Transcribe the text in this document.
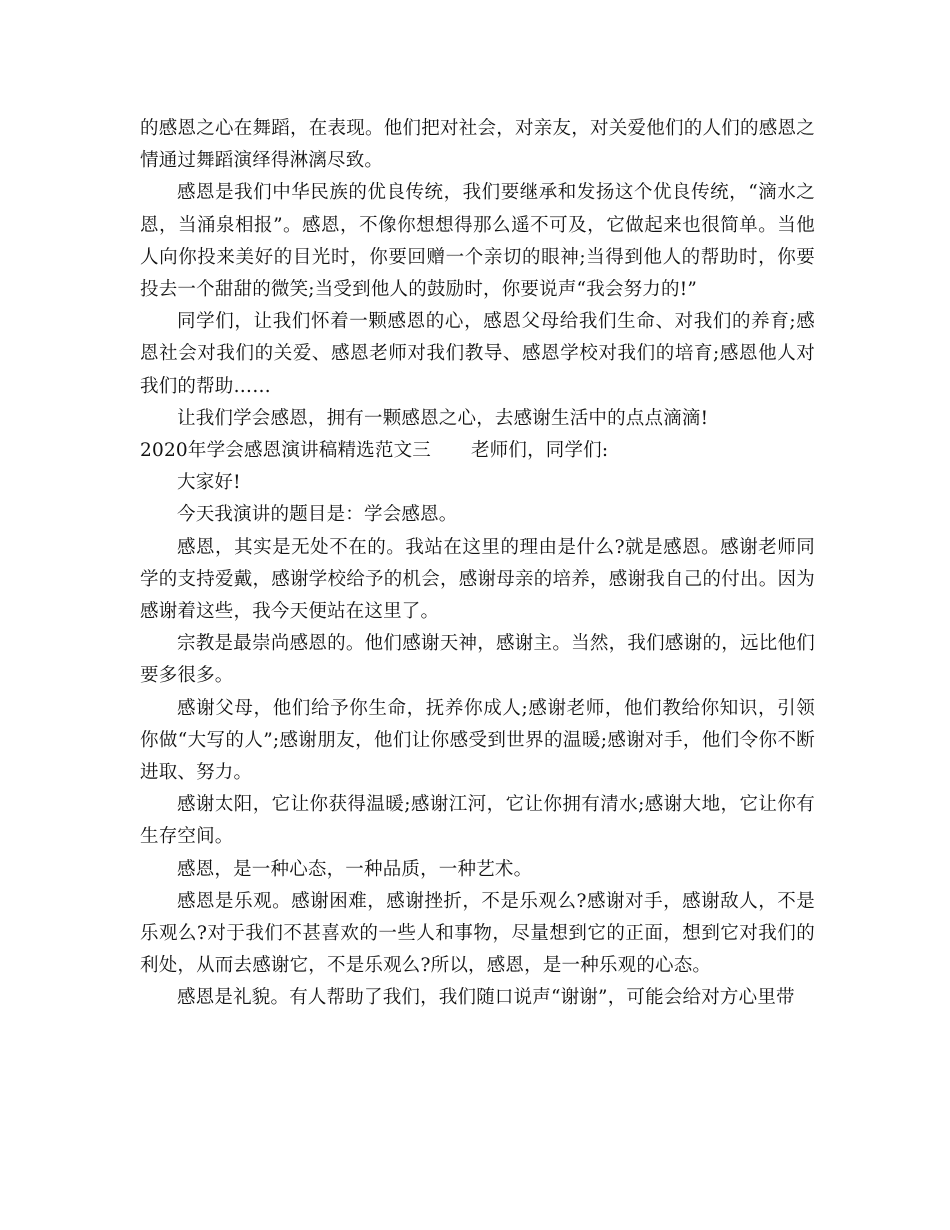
的感恩之心在舞蹈，在表现。他们把对社会，对亲友，对关爱他们的人们的感恩之情通过舞蹈演绎得淋漓尽致。

感恩是我们中华民族的优良传统，我们要继承和发扬这个优良传统，“滴水之恩，当涌泉相报”。感恩，不像你想想得那么遥不可及，它做起来也很简单。当他人向你投来美好的目光时，你要回赠一个亲切的眼神;当得到他人的帮助时，你要投去一个甜甜的微笑;当受到他人的鼓励时，你要说声“我会努力的!”

同学们，让我们怀着一颗感恩的心，感恩父母给我们生命、对我们的养育;感恩社会对我们的关爱、感恩老师对我们教导、感恩学校对我们的培育;感恩他人对我们的帮助……

让我们学会感恩，拥有一颗感恩之心，去感谢生活中的点点滴滴!

2020年学会感恩演讲稿精选范文三 老师们，同学们:

大家好!

今天我演讲的题目是：学会感恩。

感恩，其实是无处不在的。我站在这里的理由是什么?就是感恩。感谢老师同学的支持爱戴，感谢学校给予的机会，感谢母亲的培养，感谢我自己的付出。因为感谢着这些，我今天便站在这里了。

宗教是最崇尚感恩的。他们感谢天神，感谢主。当然，我们感谢的，远比他们要多很多。

感谢父母，他们给予你生命，抚养你成人;感谢老师，他们教给你知识，引领你做“大写的人”;感谢朋友，他们让你感受到世界的温暖;感谢对手，他们令你不断进取、努力。

感谢太阳，它让你获得温暖;感谢江河，它让你拥有清水;感谢大地，它让你有生存空间。

感恩，是一种心态，一种品质，一种艺术。

感恩是乐观。感谢困难，感谢挫折，不是乐观么?感谢对手，感谢敌人，不是乐观么?对于我们不甚喜欢的一些人和事物，尽量想到它的正面，想到它对我们的利处，从而去感谢它，不是乐观么?所以，感恩，是一种乐观的心态。

感恩是礼貌。有人帮助了我们，我们随口说声“谢谢”，可能会给对方心里带
